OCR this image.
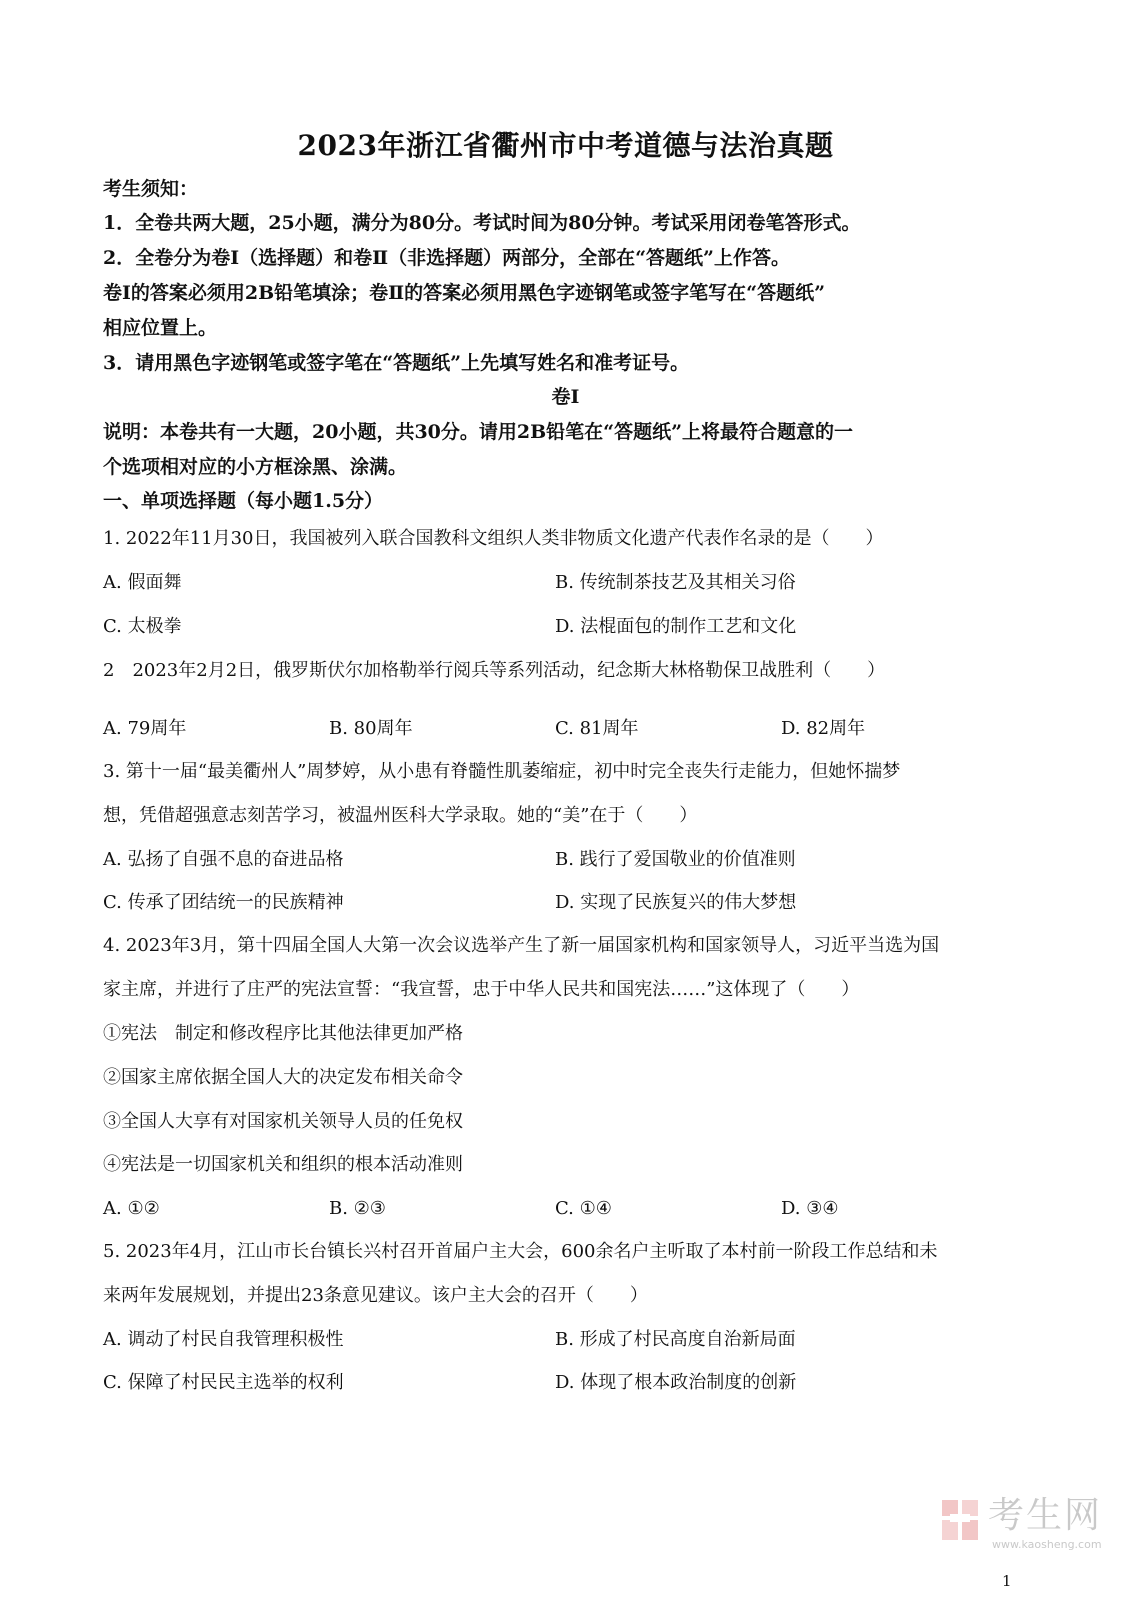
2023年浙江省衢州市中考道德与法治真题
考生须知：
1．全卷共两大题，25小题，满分为80分。考试时间为80分钟。考试采用闭卷笔答形式。
2．全卷分为卷Ⅰ（选择题）和卷Ⅱ（非选择题）两部分，全部在“答题纸”上作答。
卷Ⅰ的答案必须用2B铅笔填涂；卷Ⅱ的答案必须用黑色字迹钢笔或签字笔写在“答题纸”
相应位置上。
3．请用黑色字迹钢笔或签字笔在“答题纸”上先填写姓名和准考证号。
卷Ⅰ
说明：本卷共有一大题，20小题，共30分。请用2B铅笔在“答题纸”上将最符合题意的一
个选项相对应的小方框涂黑、涂满。
一、单项选择题（每小题1.5分）
1. 2022年11月30日，我国被列入联合国教科文组织人类非物质文化遗产代表作名录的是（　　）
A. 假面舞	B. 传统制茶技艺及其相关习俗
C. 太极拳	D. 法棍面包的制作工艺和文化
2　2023年2月2日，俄罗斯伏尔加格勒举行阅兵等系列活动，纪念斯大林格勒保卫战胜利（　　）
A. 79周年	B. 80周年	C. 81周年	D. 82周年
3. 第十一届“最美衢州人”周梦婷，从小患有脊髓性肌萎缩症，初中时完全丧失行走能力，但她怀揣梦
想，凭借超强意志刻苦学习，被温州医科大学录取。她的“美”在于（　　）
A. 弘扬了自强不息的奋进品格	B. 践行了爱国敬业的价值准则
C. 传承了团结统一的民族精神	D. 实现了民族复兴的伟大梦想
4. 2023年3月，第十四届全国人大第一次会议选举产生了新一届国家机构和国家领导人，习近平当选为国
家主席，并进行了庄严的宪法宣誓：“我宣誓，忠于中华人民共和国宪法……”这体现了（　　）
①宪法　制定和修改程序比其他法律更加严格
②国家主席依据全国人大的决定发布相关命令
③全国人大享有对国家机关领导人员的任免权
④宪法是一切国家机关和组织的根本活动准则
A. ①②	B. ②③	C. ①④	D. ③④
5. 2023年4月，江山市长台镇长兴村召开首届户主大会，600余名户主听取了本村前一阶段工作总结和未
来两年发展规划，并提出23条意见建议。该户主大会的召开（　　）
A. 调动了村民自我管理积极性	B. 形成了村民高度自治新局面
C. 保障了村民民主选举的权利	D. 体现了根本政治制度的创新
考生网
www.kaosheng.com
1
